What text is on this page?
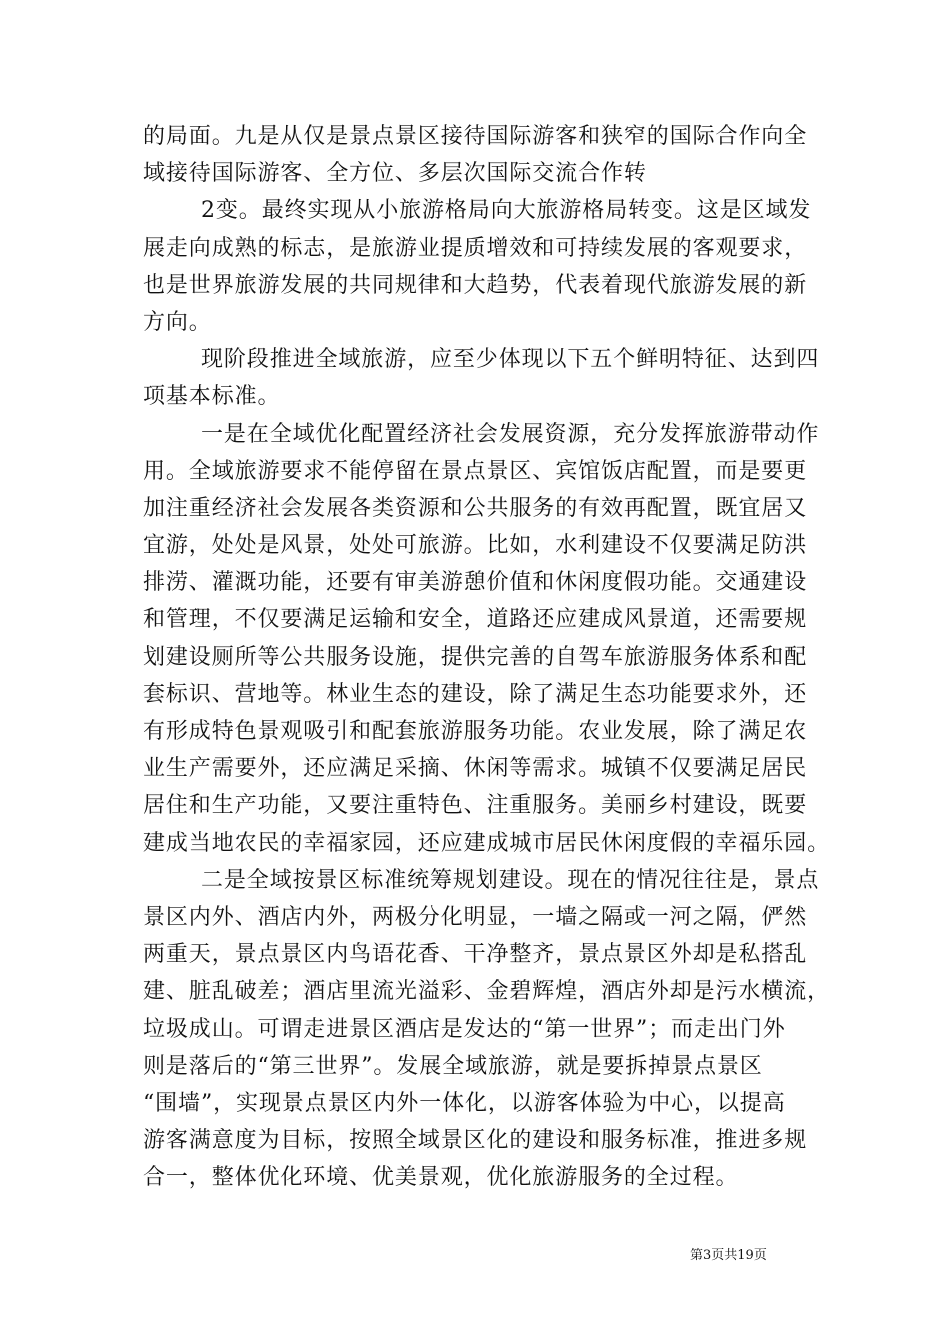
的局面。九是从仅是景点景区接待国际游客和狭窄的国际合作向全
域接待国际游客、全方位、多层次国际交流合作转
2变。最终实现从小旅游格局向大旅游格局转变。这是区域发
展走向成熟的标志，是旅游业提质增效和可持续发展的客观要求，
也是世界旅游发展的共同规律和大趋势，代表着现代旅游发展的新
方向。
现阶段推进全域旅游，应至少体现以下五个鲜明特征、达到四
项基本标准。
一是在全域优化配置经济社会发展资源，充分发挥旅游带动作
用。全域旅游要求不能停留在景点景区、宾馆饭店配置，而是要更
加注重经济社会发展各类资源和公共服务的有效再配置，既宜居又
宜游，处处是风景，处处可旅游。比如，水利建设不仅要满足防洪
排涝、灌溉功能，还要有审美游憩价值和休闲度假功能。交通建设
和管理，不仅要满足运输和安全，道路还应建成风景道，还需要规
划建设厕所等公共服务设施，提供完善的自驾车旅游服务体系和配
套标识、营地等。林业生态的建设，除了满足生态功能要求外，还
有形成特色景观吸引和配套旅游服务功能。农业发展，除了满足农
业生产需要外，还应满足采摘、休闲等需求。城镇不仅要满足居民
居住和生产功能，又要注重特色、注重服务。美丽乡村建设，既要
建成当地农民的幸福家园，还应建成城市居民休闲度假的幸福乐园。
二是全域按景区标准统筹规划建设。现在的情况往往是，景点
景区内外、酒店内外，两极分化明显，一墙之隔或一河之隔，俨然
两重天，景点景区内鸟语花香、干净整齐，景点景区外却是私搭乱
建、脏乱破差；酒店里流光溢彩、金碧辉煌，酒店外却是污水横流，
垃圾成山。可谓走进景区酒店是发达的“第一世界”；而走出门外
则是落后的“第三世界”。发展全域旅游，就是要拆掉景点景区
“围墙”，实现景点景区内外一体化，以游客体验为中心，以提高
游客满意度为目标，按照全域景区化的建设和服务标准，推进多规
合一，整体优化环境、优美景观，优化旅游服务的全过程。
第3页共19页
